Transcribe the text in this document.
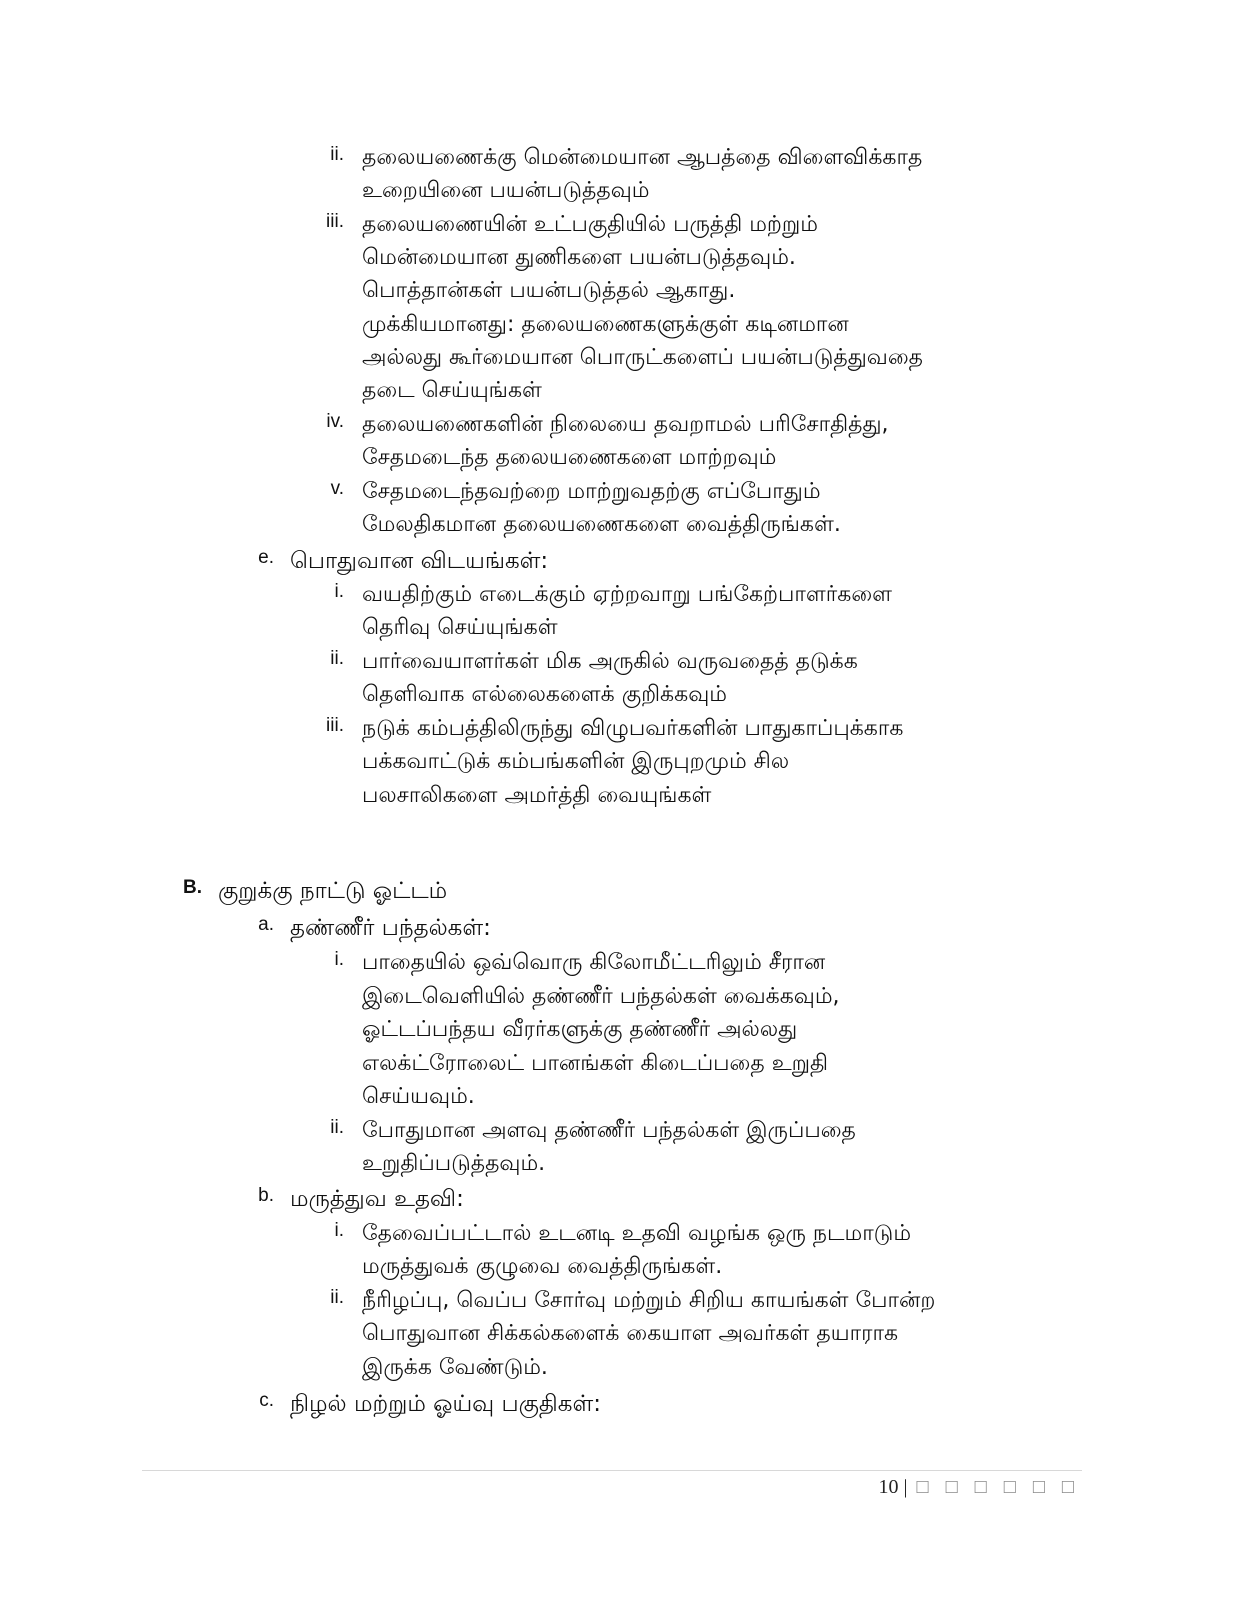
ii. தலையணைக்கு மென்மையான ஆபத்தை விளைவிக்காத
உறையினை பயன்படுத்தவும்
iii. தலையணையின் உட்பகுதியில் பருத்தி மற்றும்
மென்மையான துணிகளை பயன்படுத்தவும்.
பொத்தான்கள் பயன்படுத்தல் ஆகாது.
முக்கியமானது: தலையணைகளுக்குள் கடினமான
அல்லது கூர்மையான பொருட்களைப் பயன்படுத்துவதை
தடை செய்யுங்கள்
iv. தலையணைகளின் நிலையை தவறாமல் பரிசோதித்து,
சேதமடைந்த தலையணைகளை மாற்றவும்
v. சேதமடைந்தவற்றை மாற்றுவதற்கு எப்போதும்
மேலதிகமான தலையணைகளை வைத்திருங்கள்.
e. பொதுவான விடயங்கள்:
i. வயதிற்கும் எடைக்கும் ஏற்றவாறு பங்கேற்பாளர்களை
தெரிவு செய்யுங்கள்
ii. பார்வையாளர்கள் மிக அருகில் வருவதைத் தடுக்க
தெளிவாக எல்லைகளைக் குறிக்கவும்
iii. நடுக் கம்பத்திலிருந்து விழுபவர்களின் பாதுகாப்புக்காக
பக்கவாட்டுக் கம்பங்களின் இருபுறமும் சில
பலசாலிகளை அமர்த்தி வையுங்கள்
B. குறுக்கு நாட்டு ஓட்டம்
a. தண்ணீர் பந்தல்கள்:
i. பாதையில் ஒவ்வொரு கிலோமீட்டரிலும் சீரான
இடைவெளியில் தண்ணீர் பந்தல்கள் வைக்கவும்,
ஓட்டப்பந்தய வீரர்களுக்கு தண்ணீர் அல்லது
எலக்ட்ரோலைட் பானங்கள் கிடைப்பதை உறுதி
செய்யவும்.
ii. போதுமான அளவு தண்ணீர் பந்தல்கள் இருப்பதை
உறுதிப்படுத்தவும்.
b. மருத்துவ உதவி:
i. தேவைப்பட்டால் உடனடி உதவி வழங்க ஒரு நடமாடும்
மருத்துவக் குழுவை வைத்திருங்கள்.
ii. நீரிழப்பு, வெப்ப சோர்வு மற்றும் சிறிய காயங்கள் போன்ற
பொதுவான சிக்கல்களைக் கையாள அவர்கள் தயாராக
இருக்க வேண்டும்.
c. நிழல் மற்றும் ஓய்வு பகுதிகள்:
10 | □ □ □ □ □ □
